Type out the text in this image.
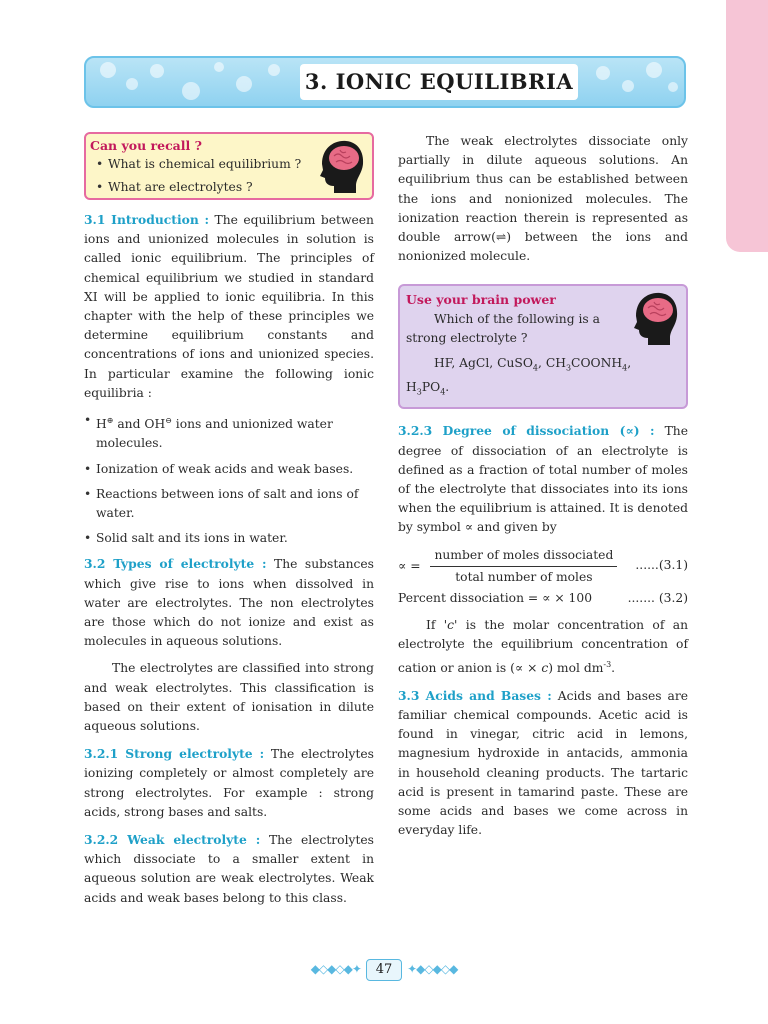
3. IONIC EQUILIBRIA
Can you recall ?
• What is chemical equilibrium ?
• What are electrolytes ?

3.1 Introduction : The equilibrium between ions and unionized molecules in solution is called ionic equilibrium. The principles of chemical equilibrium we studied in standard XI will be applied to ionic equilibria. In this chapter with the help of these principles we determine equilibrium constants and concentrations of ions and unionized species. In particular examine the following ionic equilibria :

• H⊕ and OH⊖ ions and unionized water molecules.
• Ionization of weak acids and weak bases.
• Reactions between ions of salt and ions of water.
• Solid salt and its ions in water.

3.2 Types of electrolyte : The substances which give rise to ions when dissolved in water are electrolytes. The non electrolytes are those which do not ionize and exist as molecules in aqueous solutions.

The electrolytes are classified into strong and weak electrolytes. This classification is based on their extent of ionisation in dilute aqueous solutions.

3.2.1 Strong electrolyte : The electrolytes ionizing completely or almost completely are strong electrolytes. For example : strong acids, strong bases and salts.

3.2.2 Weak electrolyte : The electrolytes which dissociate to a smaller extent in aqueous solution are weak electrolytes. Weak acids and weak bases belong to this class.

The weak electrolytes dissociate only partially in dilute aqueous solutions. An equilibrium thus can be established between the ions and nonionized molecules. The ionization reaction therein is represented as double arrow(⇌) between the ions and nonionized molecule.

Use your brain power
Which of the following is a strong electrolyte ?
HF, AgCl, CuSO$_4$, $CH_3COONH_4$, $H_3PO_4$.

3.2.3 Degree of dissociation (∝) : The degree of dissociation of an electrolyte is defined as a fraction of total number of moles of the electrolyte that dissociates into its ions when the equilibrium is attained. It is denoted by symbol ∝ and given by

∝ = $\frac{\text{number of moles dissociated}}{\text{total number of moles}} ......(3.1)$
Percent dissociation = ∝ × 100	....... (3.2)

If 'c' is the molar concentration of an electrolyte the equilibrium concentration of cation or anion is (∝ × c) mol $dm^{-3}$.

3.3 Acids and Bases : Acids and bases are familiar chemical compounds. Acetic acid is found in vinegar, citric acid in lemons, magnesium hydroxide in antacids, ammonia in household cleaning products. The tartaric acid is present in tamarind paste. These are some acids and bases we come across in everyday life.

◆◇◆◇◆✦ 47 ✦◆◇◆◇◆
